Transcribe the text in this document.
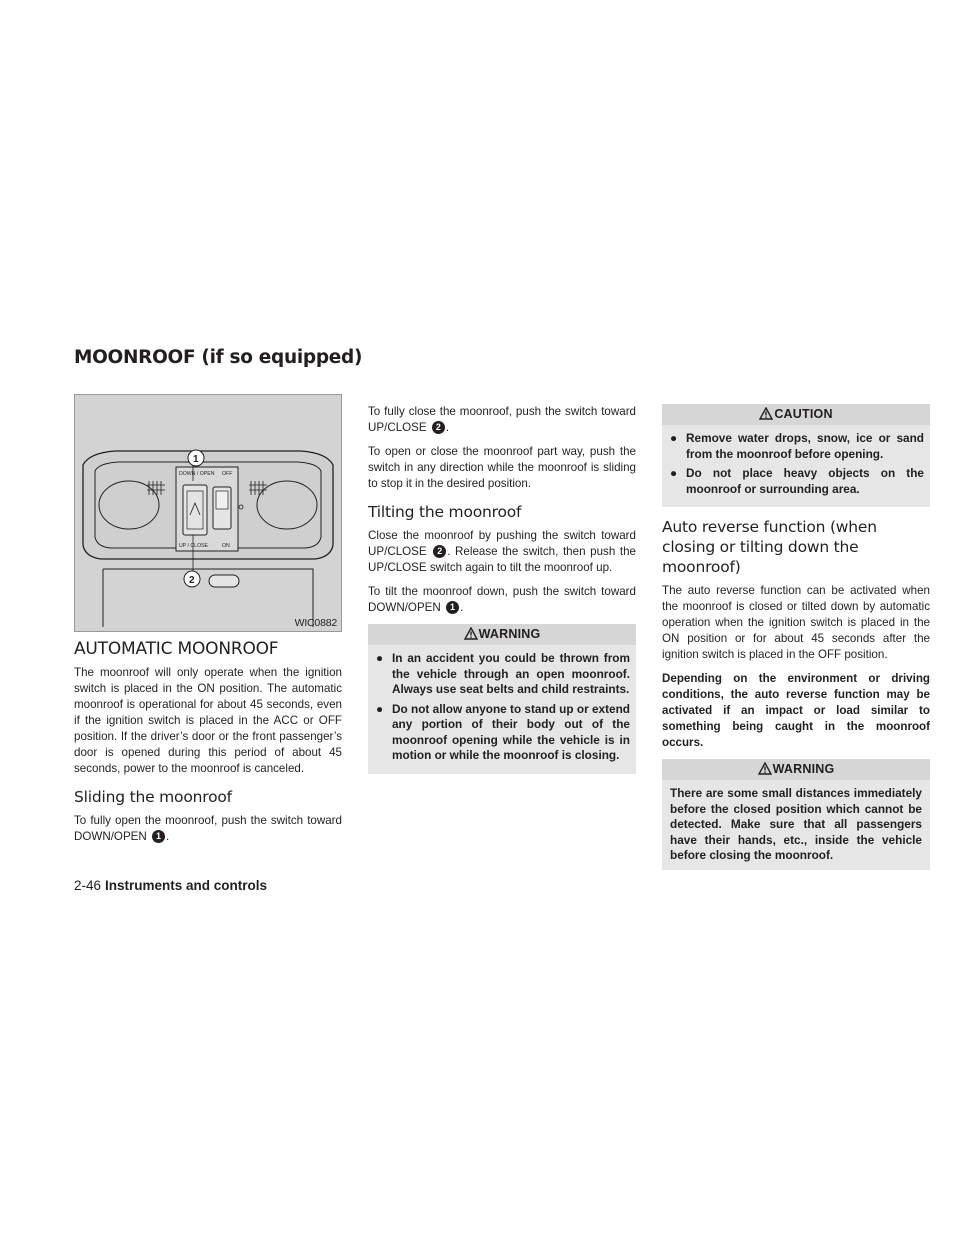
MOONROOF (if so equipped)
DOWN / OPEN OFF
UP / CLOSE	ON
1
2
WIC0882
AUTOMATIC MOONROOF

The moonroof will only operate when the ignition switch is placed in the ON position. The automatic moonroof is operational for about 45 seconds, even if the ignition switch is placed in the ACC or OFF position. If the driver’s door or the front passenger’s door is opened during this period of about 45 seconds, power to the moonroof is canceled.

Sliding the moonroof

To fully open the moonroof, push the switch toward DOWN/OPEN 1 .

To fully close the moonroof, push the switch toward UP/CLOSE 2 .

To open or close the moonroof part way, push the switch in any direction while the moonroof is sliding to stop it in the desired position.

Tilting the moonroof

Close the moonroof by pushing the switch toward UP/CLOSE 2 . Release the switch, then push the UP/CLOSE switch again to tilt the moonroof up.

To tilt the moonroof down, push the switch toward DOWN/OPEN 1 .

WARNING
● In an accident you could be thrown from the vehicle through an open moonroof. Always use seat belts and child restraints.
● Do not allow anyone to stand up or extend any portion of their body out of the moonroof opening while the vehicle is in motion or while the moonroof is closing.
CAUTION
● Remove water drops, snow, ice or sand from the moonroof before opening.
● Do not place heavy objects on the moonroof or surrounding area.
Auto reverse function (when closing or tilting down the moonroof)

The auto reverse function can be activated when the moonroof is closed or tilted down by automatic operation when the ignition switch is placed in the ON position or for about 45 seconds after the ignition switch is placed in the OFF position.

Depending on the environment or driving conditions, the auto reverse function may be activated if an impact or load similar to something being caught in the moonroof occurs.

WARNING
There are some small distances immediately before the closed position which cannot be detected. Make sure that all passengers have their hands, etc., inside the vehicle before closing the moonroof.
2-46 Instruments and controls
